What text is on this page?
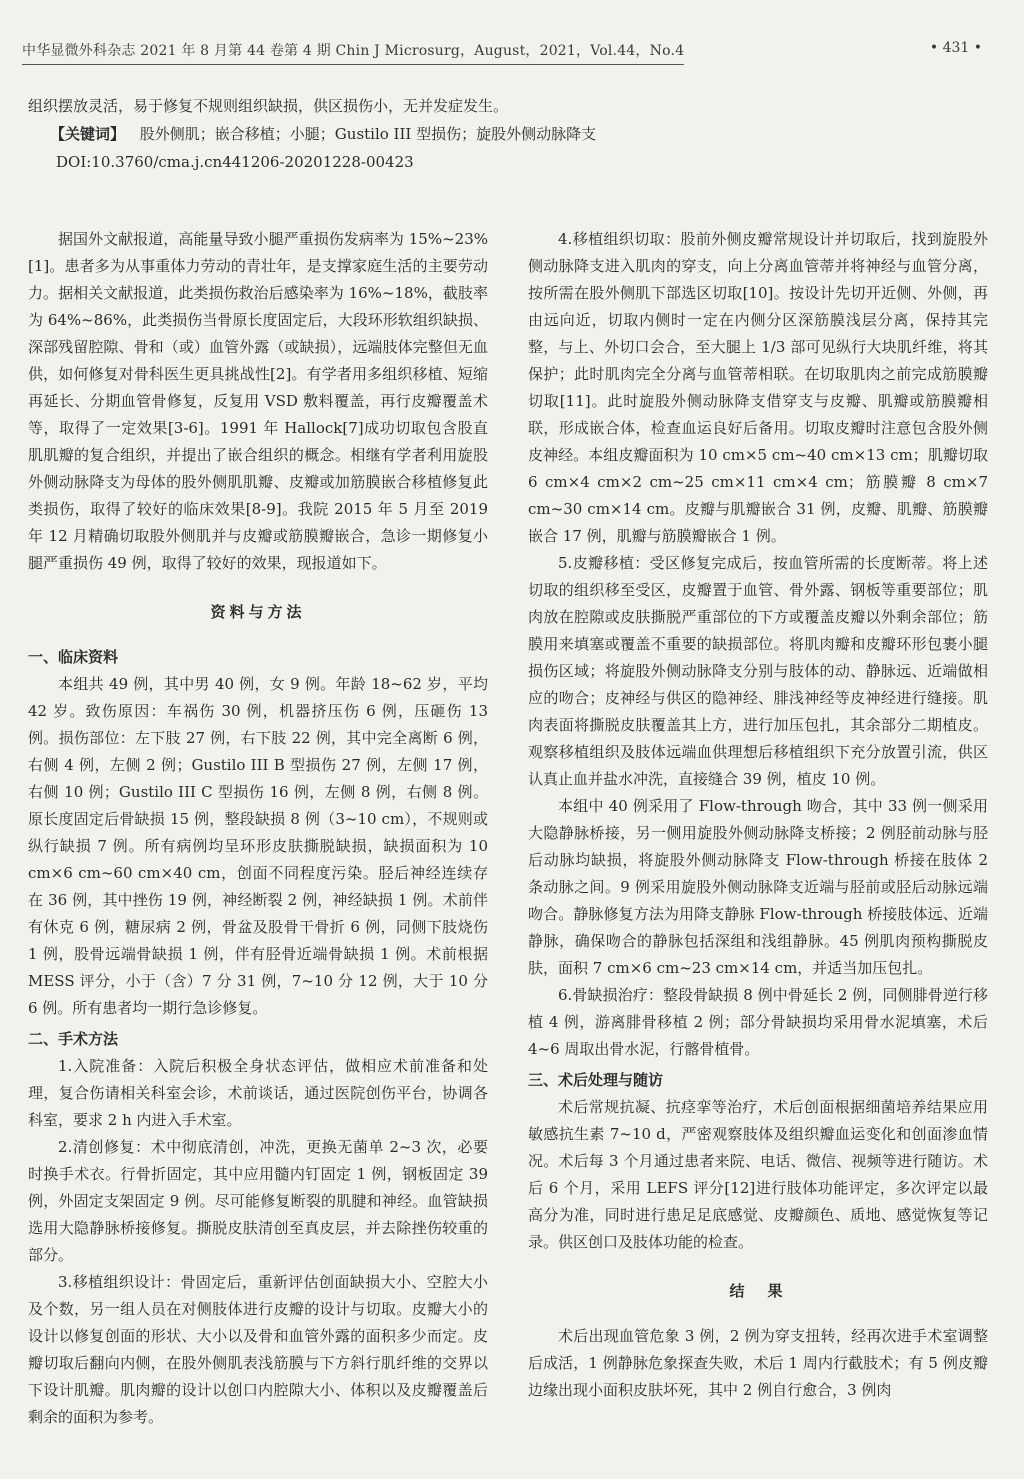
中华显微外科杂志 2021 年 8 月第 44 卷第 4 期 Chin J Microsurg，August，2021，Vol.44，No.4	• 431 •

组织摆放灵活，易于修复不规则组织缺损，供区损伤小，无并发症发生。

【关键词】 股外侧肌；嵌合移植；小腿；Gustilo III 型损伤；旋股外侧动脉降支

DOI:10.3760/cma.j.cn441206-20201228-00423

据国外文献报道，高能量导致小腿严重损伤发病率为 15%~23%[1]。患者多为从事重体力劳动的青壮年，是支撑家庭生活的主要劳动力。据相关文献报道，此类损伤救治后感染率为 16%~18%，截肢率为 64%~86%，此类损伤当骨原长度固定后，大段环形软组织缺损、深部残留腔隙、骨和（或）血管外露（或缺损），远端肢体完整但无血供，如何修复对骨科医生更具挑战性[2]。有学者用多组织移植、短缩再延长、分期血管骨修复，反复用 VSD 敷料覆盖，再行皮瓣覆盖术等，取得了一定效果[3-6]。1991 年 Hallock[7]成功切取包含股直肌肌瓣的复合组织，并提出了嵌合组织的概念。相继有学者利用旋股外侧动脉降支为母体的股外侧肌肌瓣、皮瓣或加筋膜嵌合移植修复此类损伤，取得了较好的临床效果[8-9]。我院 2015 年 5 月至 2019 年 12 月精确切取股外侧肌并与皮瓣或筋膜瓣嵌合，急诊一期修复小腿严重损伤 49 例，取得了较好的效果，现报道如下。

资料与方法

一、临床资料

本组共 49 例，其中男 40 例，女 9 例。年龄 18~62 岁，平均 42 岁。致伤原因：车祸伤 30 例，机器挤压伤 6 例，压砸伤 13 例。损伤部位：左下肢 27 例，右下肢 22 例，其中完全离断 6 例，右侧 4 例，左侧 2 例；Gustilo III B 型损伤 27 例，左侧 17 例，右侧 10 例；Gustilo III C 型损伤 16 例，左侧 8 例，右侧 8 例。原长度固定后骨缺损 15 例，整段缺损 8 例（3~10 cm），不规则或纵行缺损 7 例。所有病例均呈环形皮肤撕脱缺损，缺损面积为 10 cm×6 cm~60 cm×40 cm，创面不同程度污染。胫后神经连续存在 36 例，其中挫伤 19 例，神经断裂 2 例，神经缺损 1 例。术前伴有休克 6 例，糖尿病 2 例，骨盆及股骨干骨折 6 例，同侧下肢烧伤 1 例，股骨远端骨缺损 1 例，伴有胫骨近端骨缺损 1 例。术前根据 MESS 评分，小于（含）7 分 31 例，7~10 分 12 例，大于 10 分 6 例。所有患者均一期行急诊修复。

二、手术方法

1.入院准备：入院后积极全身状态评估，做相应术前准备和处理，复合伤请相关科室会诊，术前谈话，通过医院创伤平台，协调各科室，要求 2 h 内进入手术室。

2.清创修复：术中彻底清创，冲洗，更换无菌单 2~3 次，必要时换手术衣。行骨折固定，其中应用髓内钉固定 1 例，钢板固定 39 例，外固定支架固定 9 例。尽可能修复断裂的肌腱和神经。血管缺损选用大隐静脉桥接修复。撕脱皮肤清创至真皮层，并去除挫伤较重的部分。

3.移植组织设计：骨固定后，重新评估创面缺损大小、空腔大小及个数，另一组人员在对侧肢体进行皮瓣的设计与切取。皮瓣大小的设计以修复创面的形状、大小以及骨和血管外露的面积多少而定。皮瓣切取后翻向内侧，在股外侧肌表浅筋膜与下方斜行肌纤维的交界以下设计肌瓣。肌肉瓣的设计以创口内腔隙大小、体积以及皮瓣覆盖后剩余的面积为参考。

4.移植组织切取：股前外侧皮瓣常规设计并切取后，找到旋股外侧动脉降支进入肌肉的穿支，向上分离血管蒂并将神经与血管分离，按所需在股外侧肌下部选区切取[10]。按设计先切开近侧、外侧，再由远向近，切取内侧时一定在内侧分区深筋膜浅层分离，保持其完整，与上、外切口会合，至大腿上 1/3 部可见纵行大块肌纤维，将其保护；此时肌肉完全分离与血管蒂相联。在切取肌肉之前完成筋膜瓣切取[11]。此时旋股外侧动脉降支借穿支与皮瓣、肌瓣或筋膜瓣相联，形成嵌合体，检查血运良好后备用。切取皮瓣时注意包含股外侧皮神经。本组皮瓣面积为 10 cm×5 cm~40 cm×13 cm；肌瓣切取 6 cm×4 cm×2 cm~25 cm×11 cm×4 cm；筋膜瓣 8 cm×7 cm~30 cm×14 cm。皮瓣与肌瓣嵌合 31 例，皮瓣、肌瓣、筋膜瓣嵌合 17 例，肌瓣与筋膜瓣嵌合 1 例。

5.皮瓣移植：受区修复完成后，按血管所需的长度断蒂。将上述切取的组织移至受区，皮瓣置于血管、骨外露、钢板等重要部位；肌肉放在腔隙或皮肤撕脱严重部位的下方或覆盖皮瓣以外剩余部位；筋膜用来填塞或覆盖不重要的缺损部位。将肌肉瓣和皮瓣环形包裹小腿损伤区域；将旋股外侧动脉降支分别与肢体的动、静脉远、近端做相应的吻合；皮神经与供区的隐神经、腓浅神经等皮神经进行缝接。肌肉表面将撕脱皮肤覆盖其上方，进行加压包扎，其余部分二期植皮。观察移植组织及肢体远端血供理想后移植组织下充分放置引流，供区认真止血并盐水冲洗，直接缝合 39 例，植皮 10 例。

本组中 40 例采用了 Flow-through 吻合，其中 33 例一侧采用大隐静脉桥接，另一侧用旋股外侧动脉降支桥接；2 例胫前动脉与胫后动脉均缺损，将旋股外侧动脉降支 Flow-through 桥接在肢体 2 条动脉之间。9 例采用旋股外侧动脉降支近端与胫前或胫后动脉远端吻合。静脉修复方法为用降支静脉 Flow-through 桥接肢体远、近端静脉，确保吻合的静脉包括深组和浅组静脉。45 例肌肉预构撕脱皮肤，面积 7 cm×6 cm~23 cm×14 cm，并适当加压包扎。

6.骨缺损治疗：整段骨缺损 8 例中骨延长 2 例，同侧腓骨逆行移植 4 例，游离腓骨移植 2 例；部分骨缺损均采用骨水泥填塞，术后 4~6 周取出骨水泥，行髂骨植骨。

三、术后处理与随访

术后常规抗凝、抗痉挛等治疗，术后创面根据细菌培养结果应用敏感抗生素 7~10 d，严密观察肢体及组织瓣血运变化和创面渗血情况。术后每 3 个月通过患者来院、电话、微信、视频等进行随访。术后 6 个月，采用 LEFS 评分[12]进行肢体功能评定，多次评定以最高分为准，同时进行患足足底感觉、皮瓣颜色、质地、感觉恢复等记录。供区创口及肢体功能的检查。

结　果

术后出现血管危象 3 例，2 例为穿支扭转，经再次进手术室调整后成活，1 例静脉危象探查失败，术后 1 周内行截肢术；有 5 例皮瓣边缘出现小面积皮肤坏死，其中 2 例自行愈合，3 例肉
